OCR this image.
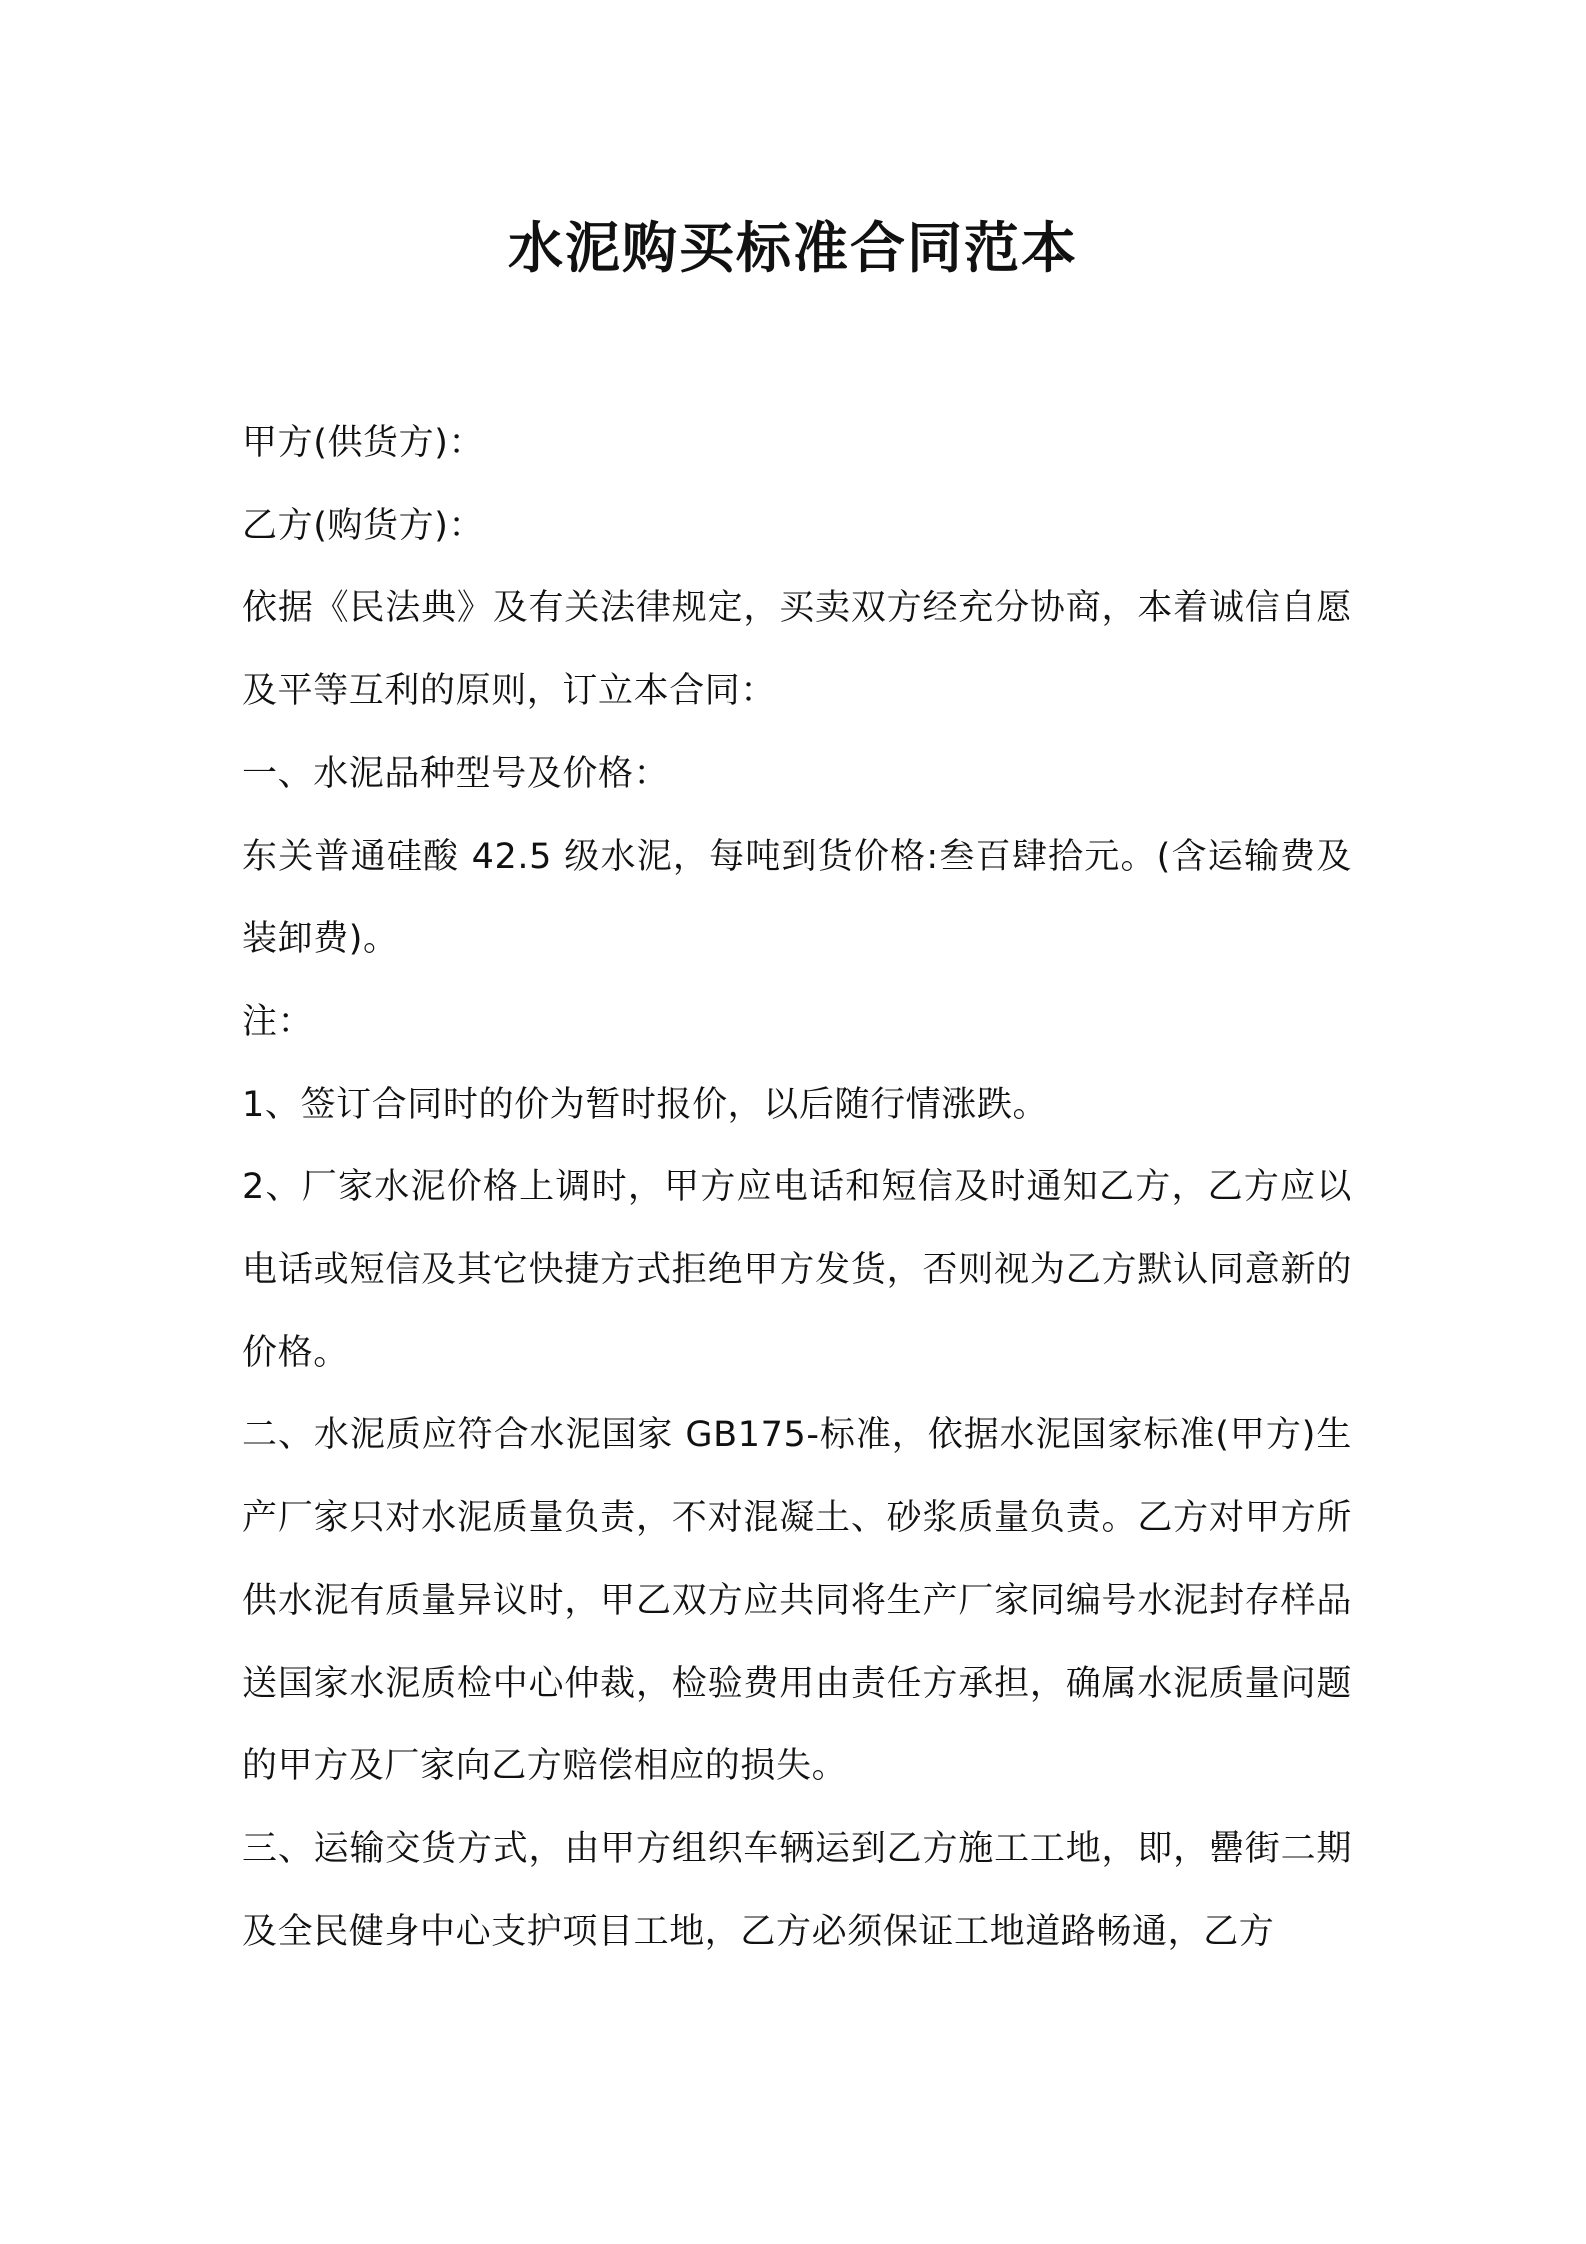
水泥购买标准合同范本

甲方(供货方)：

乙方(购货方)：

依据《民法典》及有关法律规定，买卖双方经充分协商，本着诚信自愿及平等互利的原则，订立本合同：

一、水泥品种型号及价格：

东关普通硅酸 42.5 级水泥，每吨到货价格:叁百肆拾元。(含运输费及装卸费)。

注：

1、签订合同时的价为暂时报价，以后随行情涨跌。

2、厂家水泥价格上调时，甲方应电话和短信及时通知乙方，乙方应以电话或短信及其它快捷方式拒绝甲方发货，否则视为乙方默认同意新的价格。

二、水泥质应符合水泥国家 GB175-标准，依据水泥国家标准(甲方)生产厂家只对水泥质量负责，不对混凝土、砂浆质量负责。乙方对甲方所供水泥有质量异议时，甲乙双方应共同将生产厂家同编号水泥封存样品送国家水泥质检中心仲裁，检验费用由责任方承担，确属水泥质量问题的甲方及厂家向乙方赔偿相应的损失。

三、运输交货方式，由甲方组织车辆运到乙方施工工地，即，罍街二期及全民健身中心支护项目工地，乙方必须保证工地道路畅通，乙方
